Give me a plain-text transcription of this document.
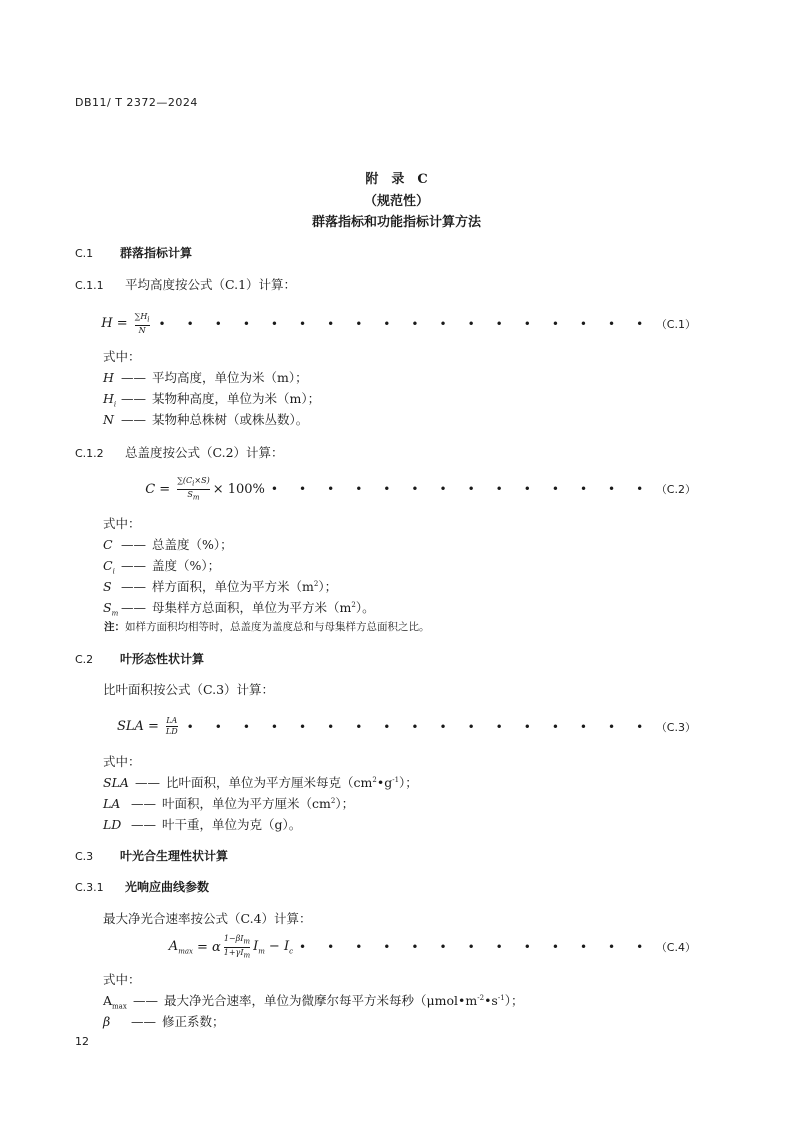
DB11/ T 2372—2024
附　录　C
（规范性）
群落指标和功能指标计算方法
C.1 群落指标计算
C.1.1 平均高度按公式（C.1）计算：
$H = \frac{\sum H_i}{N}$ • • • • • • • • • • • • • • • • • • （C.1）
式中：
H —— 平均高度，单位为米（m）；
$H_i$ —— 某物种高度，单位为米（m）；
N —— 某物种总株树（或株丛数）。
C.1.2 总盖度按公式（C.2）计算：
$C = \frac{\sum(C_i\times S)}{S_m} \times 100\%$ • • • • • • • • • • • • • • （C.2）
式中：
C —— 总盖度（%）；
$C_i$ —— 盖度（%）；
S —— 样方面积，单位为平方米$(m^2)$；
$S_m$ —— 母集样方总面积，单位为平方米$(m^2)$。
注：如样方面积均相等时，总盖度为盖度总和与母集样方总面积之比。
C.2 叶形态性状计算
比叶面积按公式（C.3）计算：
SLA = $\frac{LA}{LD}$ • • • • • • • • • • • • • • • • • （C.3）
式中：
SLA —— 比叶面积，单位为平方厘米每克$(cm^2•g^{-1})$；
LA —— 叶面积，单位为平方厘米$(cm^2)$；
LD —— 叶干重，单位为克（g）。
C.3 叶光合生理性状计算
C.3.1 光响应曲线参数
最大净光合速率按公式（C.4）计算：
$A_{max} = \alpha \frac{1-\beta I_m}{1+\gamma I_m} I_m - I_c$ • • • • • • • • • • • • • （C.4）
式中：
$A_{max}$ —— 最大净光合速率，单位为微摩尔每平方米每秒$(\mu mol•m^{-2}•s^{-1})$；
β —— 修正系数；
12
